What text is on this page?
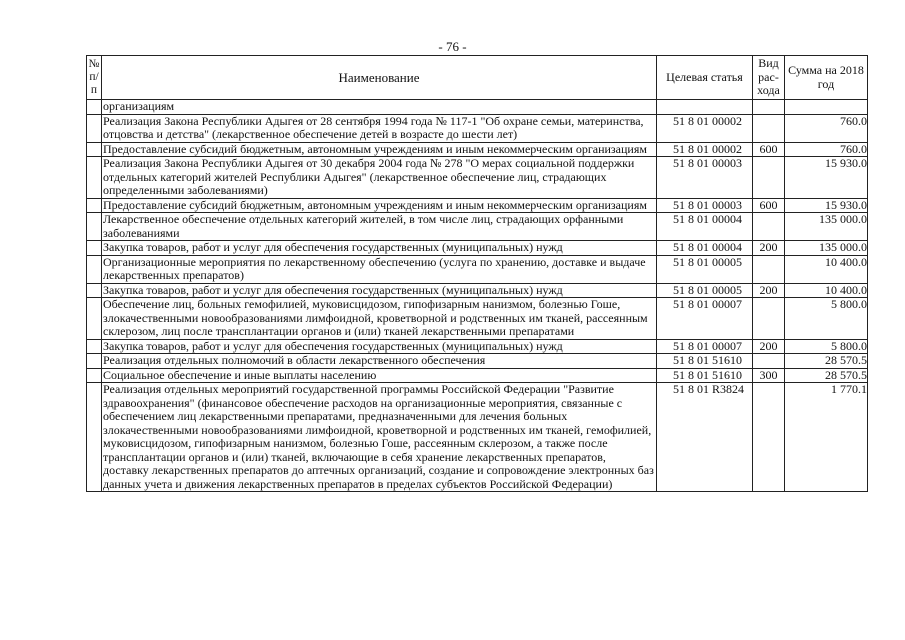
- 76 -
№ п/п	Наименование	Целевая статья	Вид рас-хода	Сумма на 2018 год
	организациям			
	Реализация Закона Республики Адыгея от 28 сентября 1994 года № 117-1 "Об охране семьи, материнства, отцовства и детства" (лекарственное обеспечение детей в возрасте до шести лет)	51 8 01 00002		760.0
	Предоставление субсидий бюджетным, автономным учреждениям и иным некоммерческим организациям	51 8 01 00002	600	760.0
	Реализация Закона Республики Адыгея от 30 декабря 2004 года № 278 "О мерах социальной поддержки отдельных категорий жителей Республики Адыгея" (лекарственное обеспечение лиц, страдающих определенными заболеваниями)	51 8 01 00003		15 930.0
	Предоставление субсидий бюджетным, автономным учреждениям и иным некоммерческим организациям	51 8 01 00003	600	15 930.0
	Лекарственное обеспечение отдельных категорий жителей, в том числе лиц, страдающих орфанными заболеваниями	51 8 01 00004		135 000.0
	Закупка товаров, работ и услуг для обеспечения государственных (муниципальных) нужд	51 8 01 00004	200	135 000.0
	Организационные мероприятия по лекарственному обеспечению (услуга по хранению, доставке и выдаче лекарственных препаратов)	51 8 01 00005		10 400.0
	Закупка товаров, работ и услуг для обеспечения государственных (муниципальных) нужд	51 8 01 00005	200	10 400.0
	Обеспечение лиц, больных гемофилией, муковисцидозом, гипофизарным нанизмом, болезнью Гоше, злокачественными новообразованиями лимфоидной, кроветворной и родственных им тканей, рассеянным склерозом, лиц после трансплантации органов и (или) тканей лекарственными препаратами	51 8 01 00007		5 800.0
	Закупка товаров, работ и услуг для обеспечения государственных (муниципальных) нужд	51 8 01 00007	200	5 800.0
	Реализация отдельных полномочий в области лекарственного обеспечения	51 8 01 51610		28 570.5
	Социальное обеспечение и иные выплаты населению	51 8 01 51610	300	28 570.5
	Реализация отдельных мероприятий государственной программы Российской Федерации "Развитие здравоохранения" (финансовое обеспечение расходов на организационные мероприятия, связанные с обеспечением лиц лекарственными препаратами, предназначенными для лечения больных злокачественными новообразованиями лимфоидной, кроветворной и родственных им тканей, гемофилией, муковисцидозом, гипофизарным нанизмом, болезнью Гоше, рассеянным склерозом, а также после трансплантации органов и (или) тканей, включающие в себя хранение лекарственных препаратов, доставку лекарственных препаратов до аптечных организаций, создание и сопровождение электронных баз данных учета и движения лекарственных препаратов в пределах субъектов Российской Федерации)	51 8 01 R3824		1 770.1
